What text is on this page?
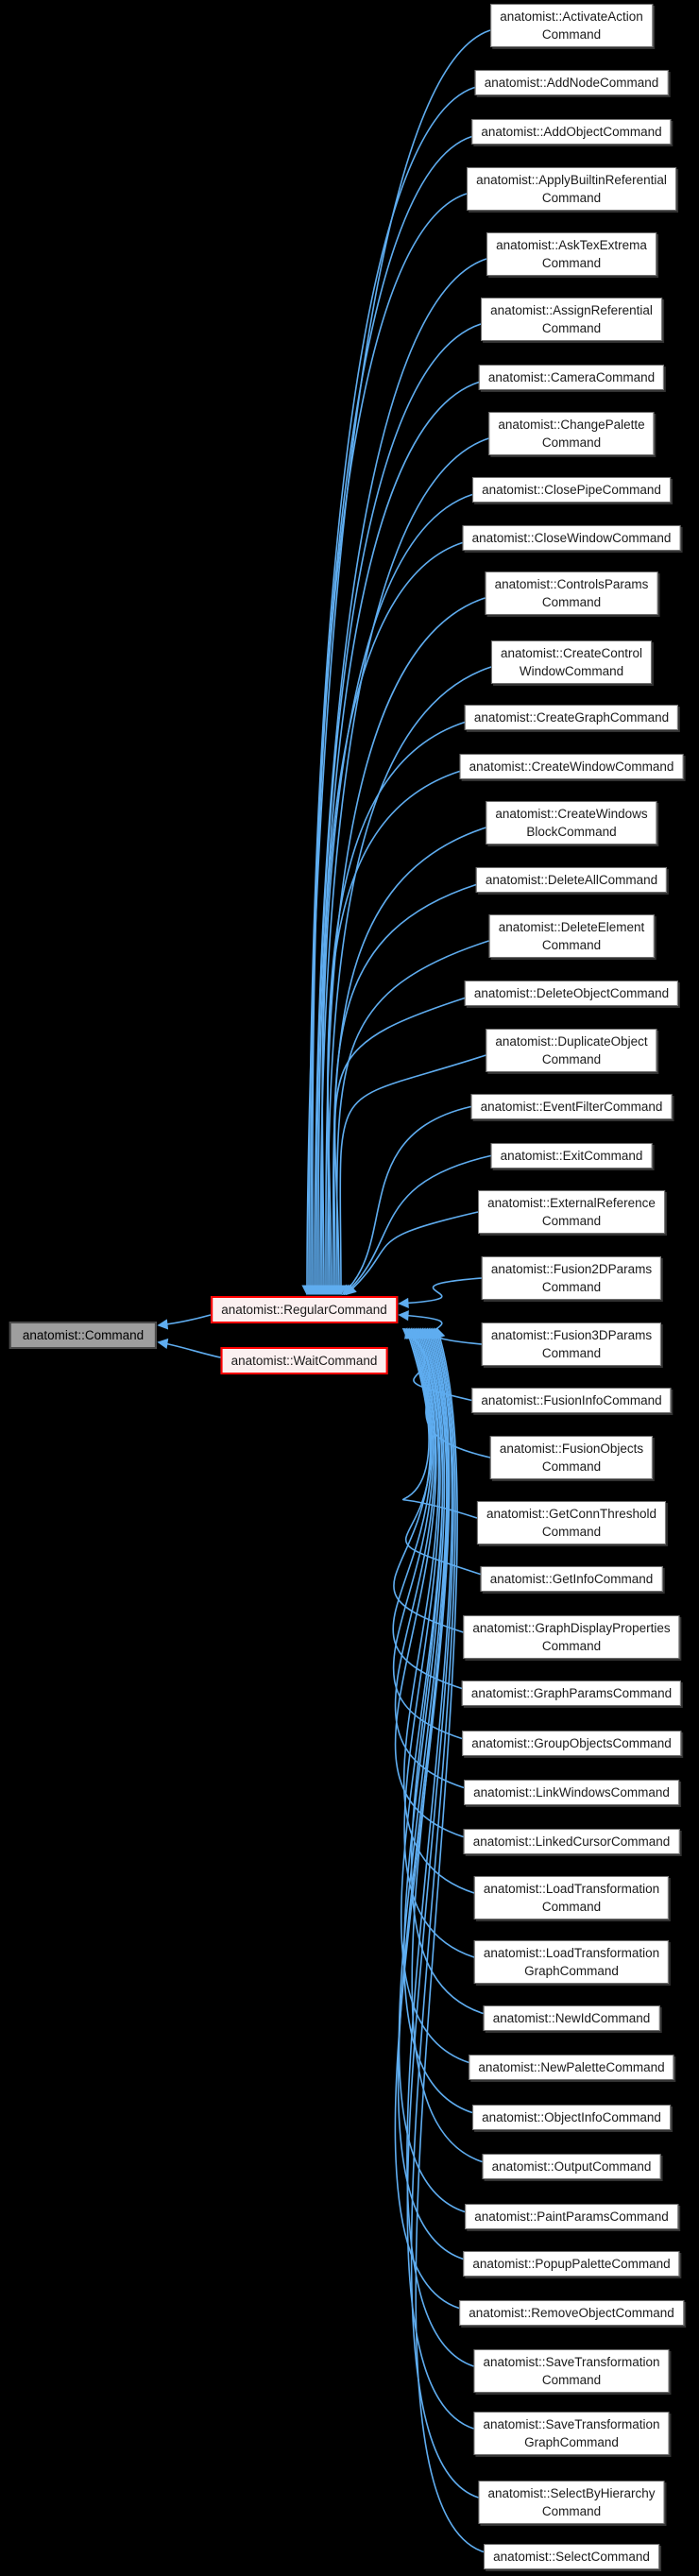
anatomist::Command
anatomist::RegularCommand
anatomist::WaitCommand
anatomist::ActivateAction
Command
anatomist::AddNodeCommand
anatomist::AddObjectCommand
anatomist::ApplyBuiltinReferential
Command
anatomist::AskTexExtrema
Command
anatomist::AssignReferential
Command
anatomist::CameraCommand
anatomist::ChangePalette
Command
anatomist::ClosePipeCommand
anatomist::CloseWindowCommand
anatomist::ControlsParams
Command
anatomist::CreateControl
WindowCommand
anatomist::CreateGraphCommand
anatomist::CreateWindowCommand
anatomist::CreateWindows
BlockCommand
anatomist::DeleteAllCommand
anatomist::DeleteElement
Command
anatomist::DeleteObjectCommand
anatomist::DuplicateObject
Command
anatomist::EventFilterCommand
anatomist::ExitCommand
anatomist::ExternalReference
Command
anatomist::Fusion2DParams
Command
anatomist::Fusion3DParams
Command
anatomist::FusionInfoCommand
anatomist::FusionObjects
Command
anatomist::GetConnThreshold
Command
anatomist::GetInfoCommand
anatomist::GraphDisplayProperties
Command
anatomist::GraphParamsCommand
anatomist::GroupObjectsCommand
anatomist::LinkWindowsCommand
anatomist::LinkedCursorCommand
anatomist::LoadTransformation
Command
anatomist::LoadTransformation
GraphCommand
anatomist::NewIdCommand
anatomist::NewPaletteCommand
anatomist::ObjectInfoCommand
anatomist::OutputCommand
anatomist::PaintParamsCommand
anatomist::PopupPaletteCommand
anatomist::RemoveObjectCommand
anatomist::SaveTransformation
Command
anatomist::SaveTransformation
GraphCommand
anatomist::SelectByHierarchy
Command
anatomist::SelectCommand
